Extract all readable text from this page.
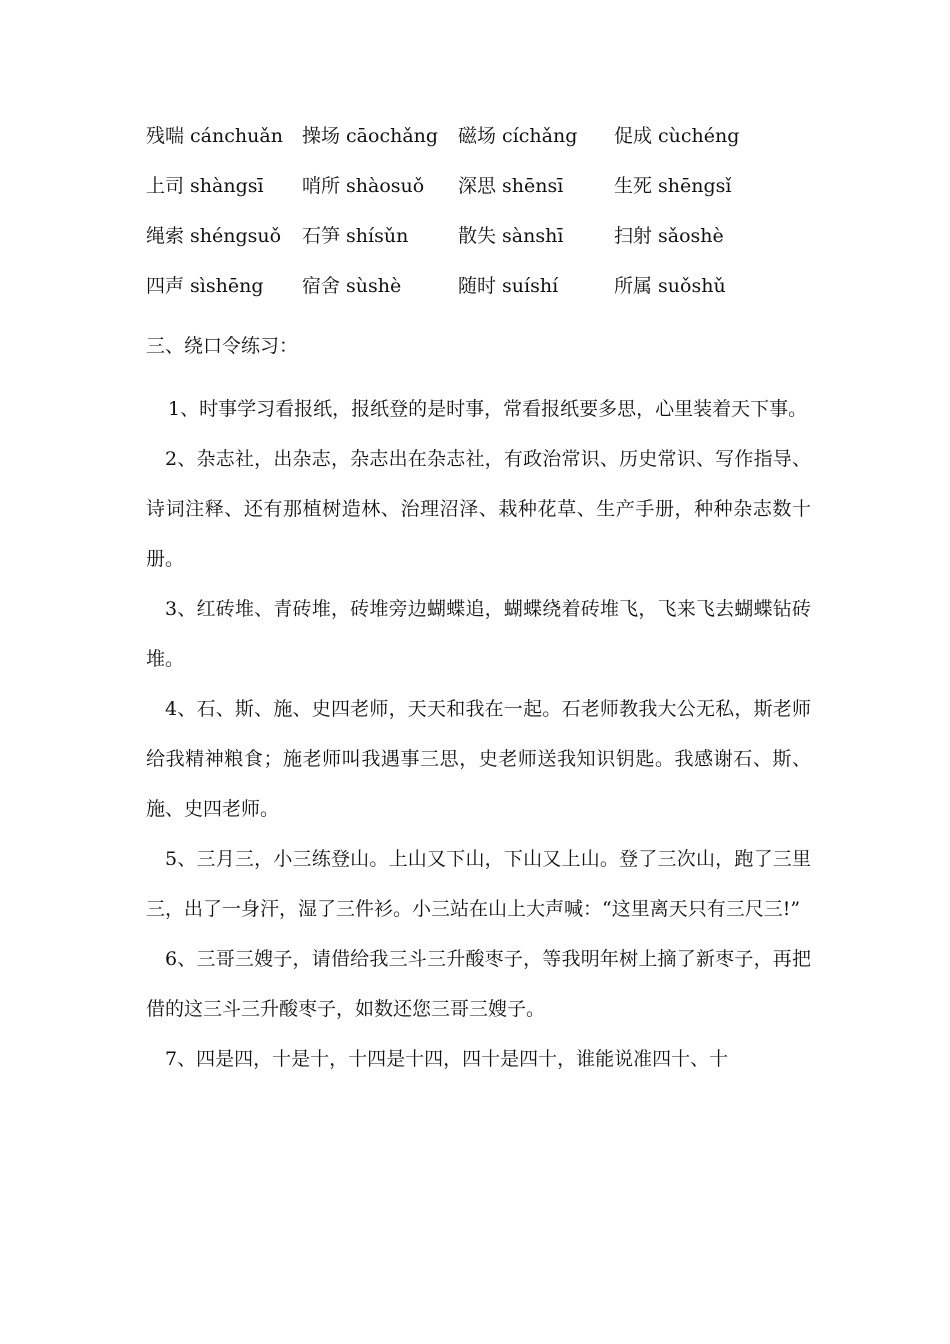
残喘 cánchuǎn	操场 cāochǎng	磁场 cíchǎng	促成 cùchéng
上司 shàngsī	哨所 shàosuǒ	深思 shēnsī	生死 shēngsǐ
绳索 shéngsuǒ	石笋 shísǔn	散失 sànshī	扫射 sǎoshè
四声 sìshēng	宿舍 sùshè	随时 suíshí	所属 suǒshǔ
三、绕口令练习：

1、时事学习看报纸，报纸登的是时事，常看报纸要多思，心里装着天下事。

2、杂志社，出杂志，杂志出在杂志社，有政治常识、历史常识、写作指导、诗词注释、还有那植树造林、治理沼泽、栽种花草、生产手册，种种杂志数十册。

3、红砖堆、青砖堆，砖堆旁边蝴蝶追，蝴蝶绕着砖堆飞，飞来飞去蝴蝶钻砖堆。

4、石、斯、施、史四老师，天天和我在一起。石老师教我大公无私，斯老师给我精神粮食；施老师叫我遇事三思，史老师送我知识钥匙。我感谢石、斯、施、史四老师。

5、三月三，小三练登山。上山又下山，下山又上山。登了三次山，跑了三里三，出了一身汗，湿了三件衫。小三站在山上大声喊：“这里离天只有三尺三!”

6、三哥三嫂子，请借给我三斗三升酸枣子，等我明年树上摘了新枣子，再把借的这三斗三升酸枣子，如数还您三哥三嫂子。

7、四是四，十是十，十四是十四，四十是四十，谁能说准四十、十
